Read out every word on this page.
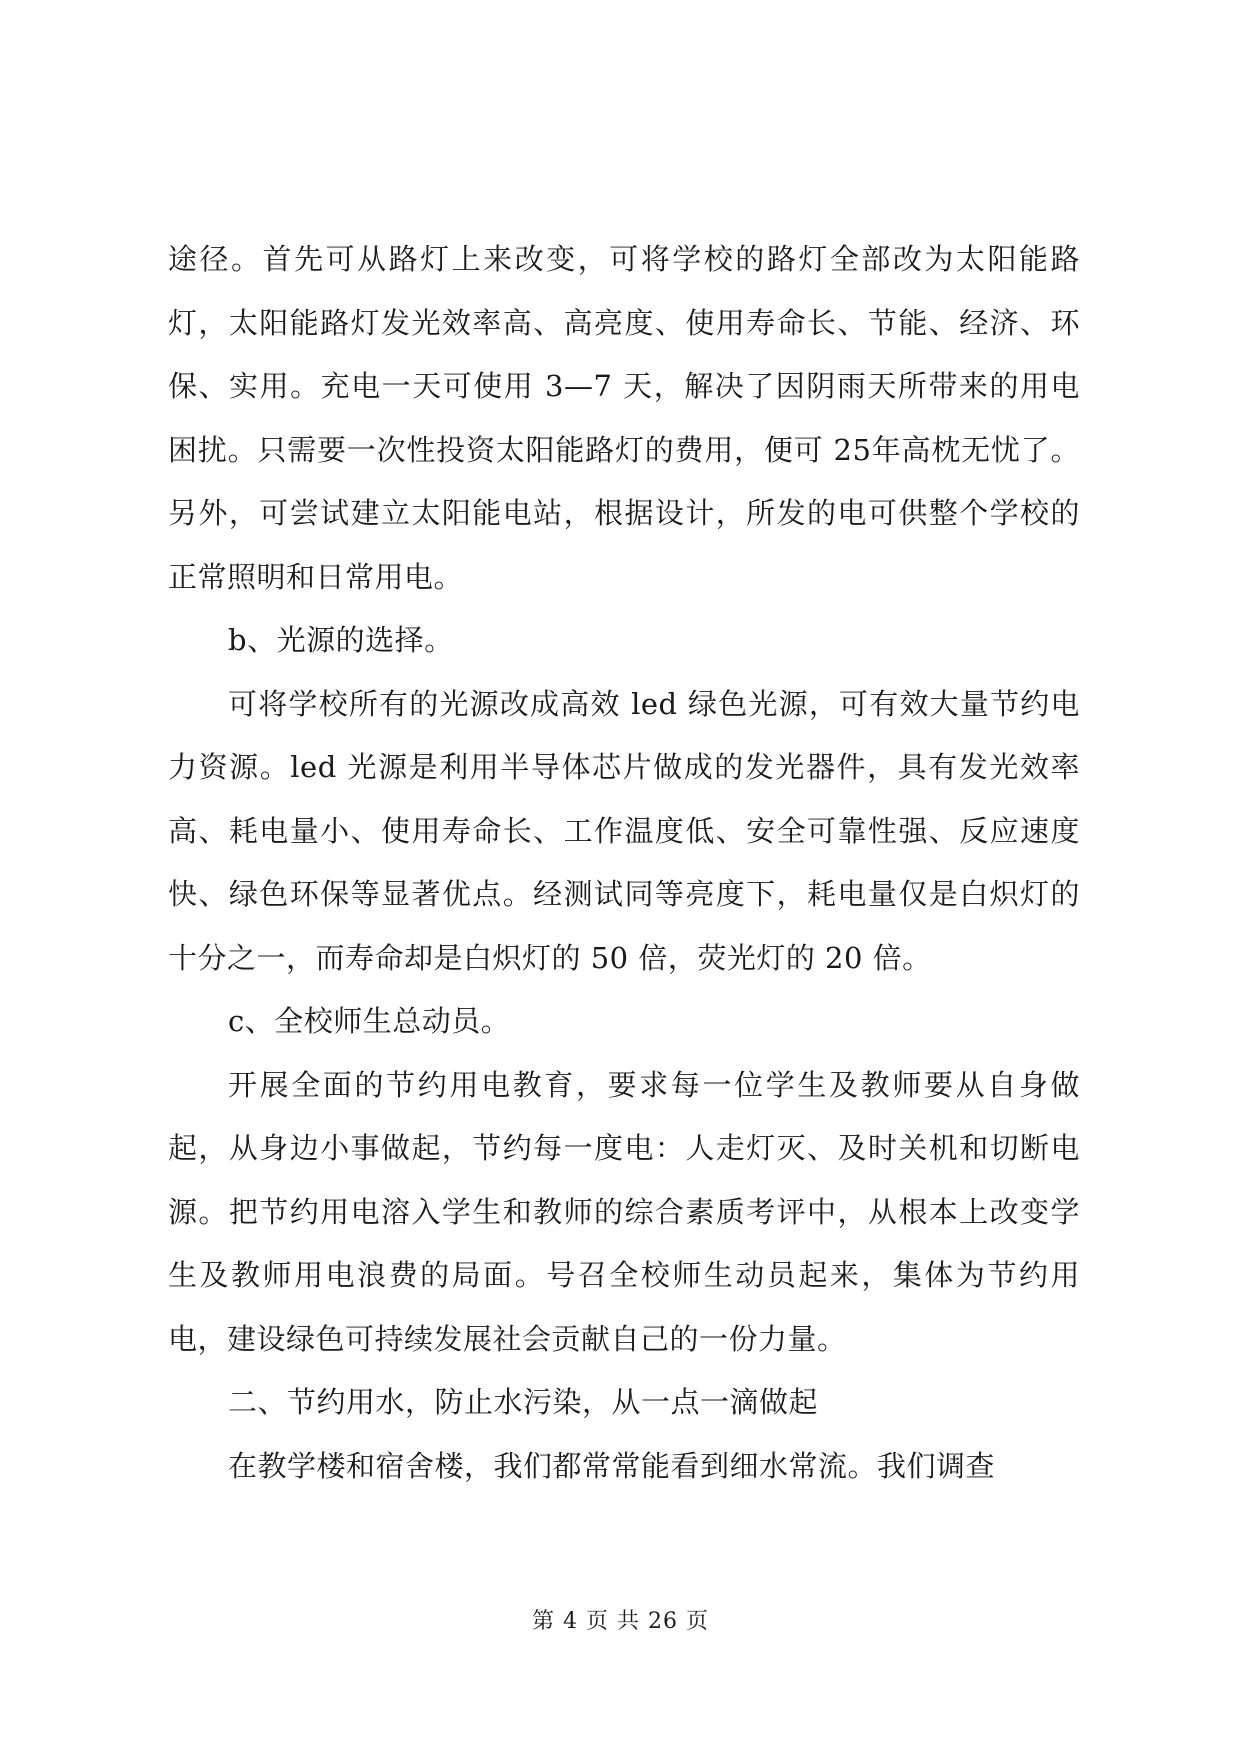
途径。首先可从路灯上来改变，可将学校的路灯全部改为太阳能路灯，太阳能路灯发光效率高、高亮度、使用寿命长、节能、经济、环保、实用。充电一天可使用 3—7 天，解决了因阴雨天所带来的用电困扰。只需要一次性投资太阳能路灯的费用，便可 25年高枕无忧了。另外，可尝试建立太阳能电站，根据设计，所发的电可供整个学校的正常照明和日常用电。

b、光源的选择。

可将学校所有的光源改成高效 led 绿色光源，可有效大量节约电力资源。led 光源是利用半导体芯片做成的发光器件，具有发光效率高、耗电量小、使用寿命长、工作温度低、安全可靠性强、反应速度快、绿色环保等显著优点。经测试同等亮度下，耗电量仅是白炽灯的十分之一，而寿命却是白炽灯的 50 倍，荧光灯的 20 倍。

c、全校师生总动员。

开展全面的节约用电教育，要求每一位学生及教师要从自身做起，从身边小事做起，节约每一度电：人走灯灭、及时关机和切断电源。把节约用电溶入学生和教师的综合素质考评中，从根本上改变学生及教师用电浪费的局面。号召全校师生动员起来，集体为节约用电，建设绿色可持续发展社会贡献自己的一份力量。

二、节约用水，防止水污染，从一点一滴做起

在教学楼和宿舍楼，我们都常常能看到细水常流。我们调查

第 4 页 共 26 页
